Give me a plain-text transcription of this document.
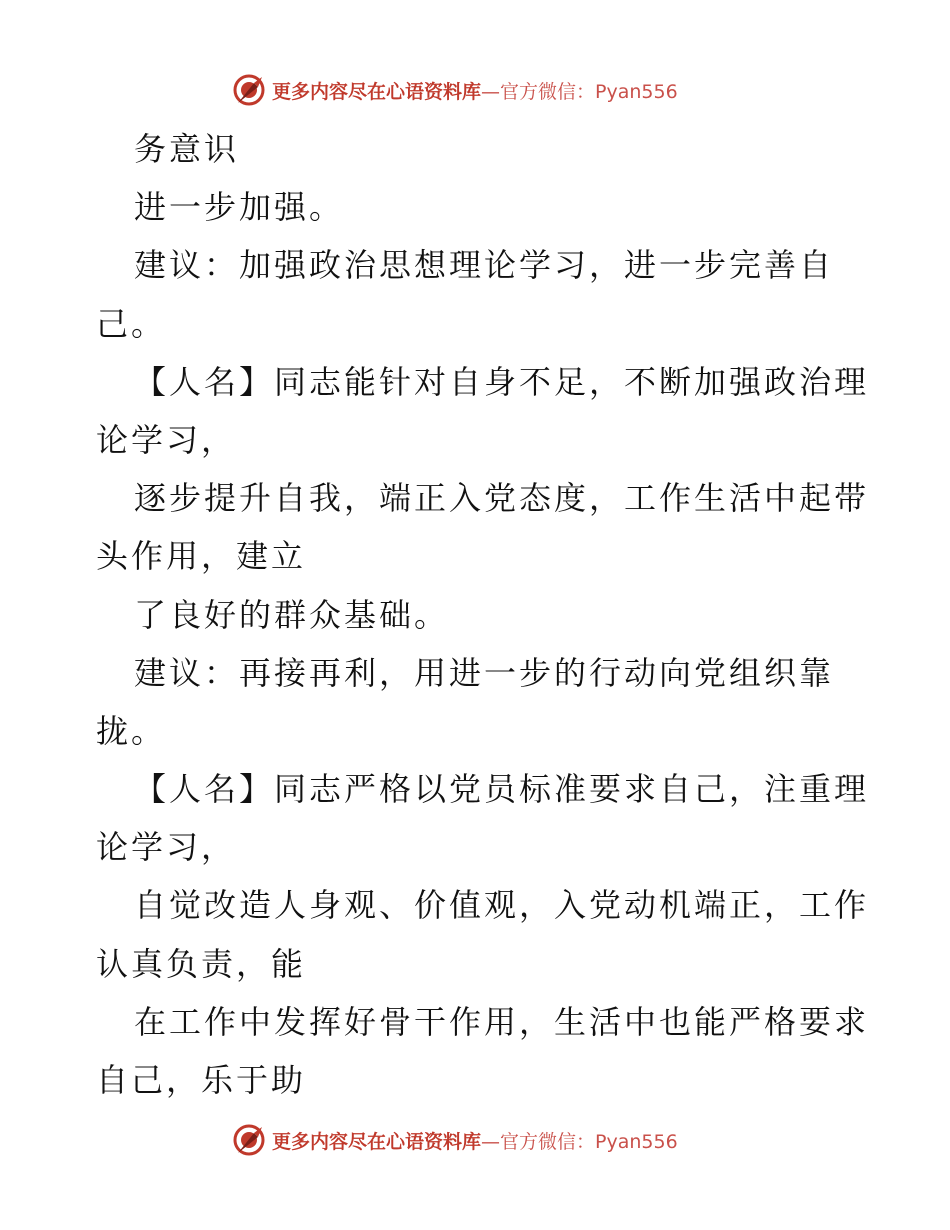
更多内容尽在心语资料库—官方微信：Pyan556
务意识
进一步加强。
建议：加强政治思想理论学习，进一步完善自
己。
【人名】同志能针对自身不足，不断加强政治理
论学习，
逐步提升自我，端正入党态度，工作生活中起带
头作用，建立
了良好的群众基础。
建议：再接再利，用进一步的行动向党组织靠
拢。
【人名】同志严格以党员标准要求自己，注重理
论学习，
自觉改造人身观、价值观，入党动机端正，工作
认真负责，能
在工作中发挥好骨干作用，生活中也能严格要求
自己，乐于助
更多内容尽在心语资料库—官方微信：Pyan556
